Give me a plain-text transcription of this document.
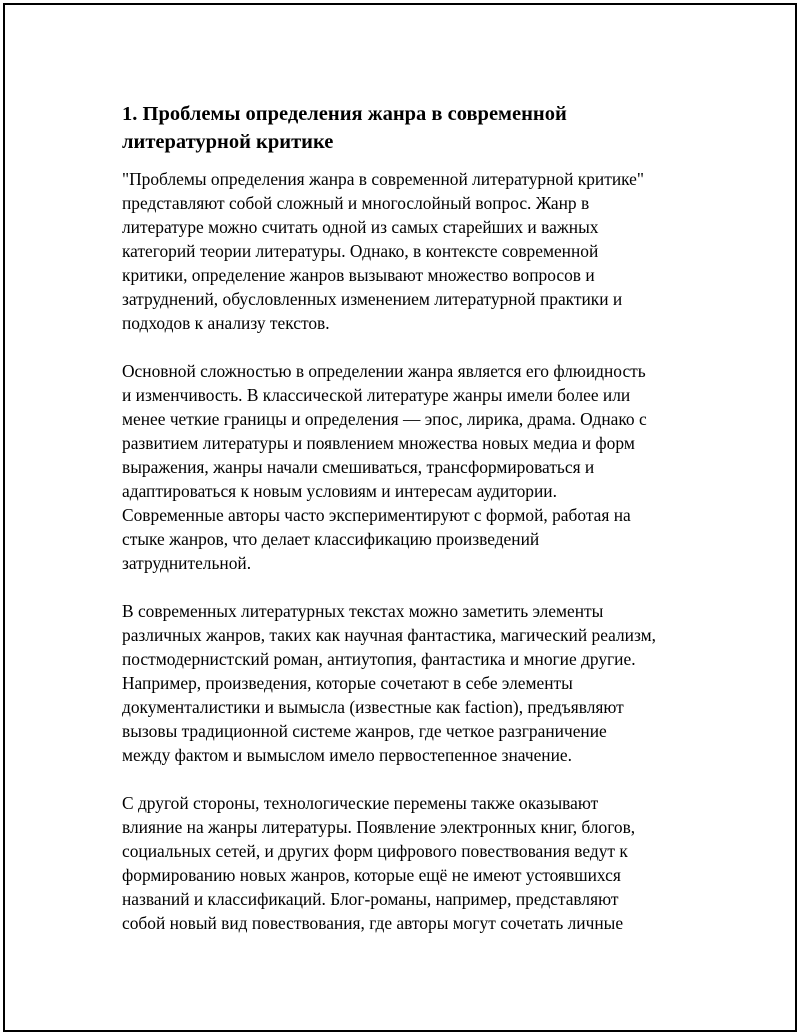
1. Проблемы определения жанра в современной
литературной критике

"Проблемы определения жанра в современной литературной критике"
представляют собой сложный и многослойный вопрос. Жанр в
литературе можно считать одной из самых старейших и важных
категорий теории литературы. Однако, в контексте современной
критики, определение жанров вызывают множество вопросов и
затруднений, обусловленных изменением литературной практики и
подходов к анализу текстов.

Основной сложностью в определении жанра является его флюидность
и изменчивость. В классической литературе жанры имели более или
менее четкие границы и определения — эпос, лирика, драма. Однако с
развитием литературы и появлением множества новых медиа и форм
выражения, жанры начали смешиваться, трансформироваться и
адаптироваться к новым условиям и интересам аудитории.
Современные авторы часто экспериментируют с формой, работая на
стыке жанров, что делает классификацию произведений
затруднительной.

В современных литературных текстах можно заметить элементы
различных жанров, таких как научная фантастика, магический реализм,
постмодернистский роман, антиутопия, фантастика и многие другие.
Например, произведения, которые сочетают в себе элементы
документалистики и вымысла (известные как faction), предъявляют
вызовы традиционной системе жанров, где четкое разграничение
между фактом и вымыслом имело первостепенное значение.

С другой стороны, технологические перемены также оказывают
влияние на жанры литературы. Появление электронных книг, блогов,
социальных сетей, и других форм цифрового повествования ведут к
формированию новых жанров, которые ещё не имеют устоявшихся
названий и классификаций. Блог-романы, например, представляют
собой новый вид повествования, где авторы могут сочетать личные
